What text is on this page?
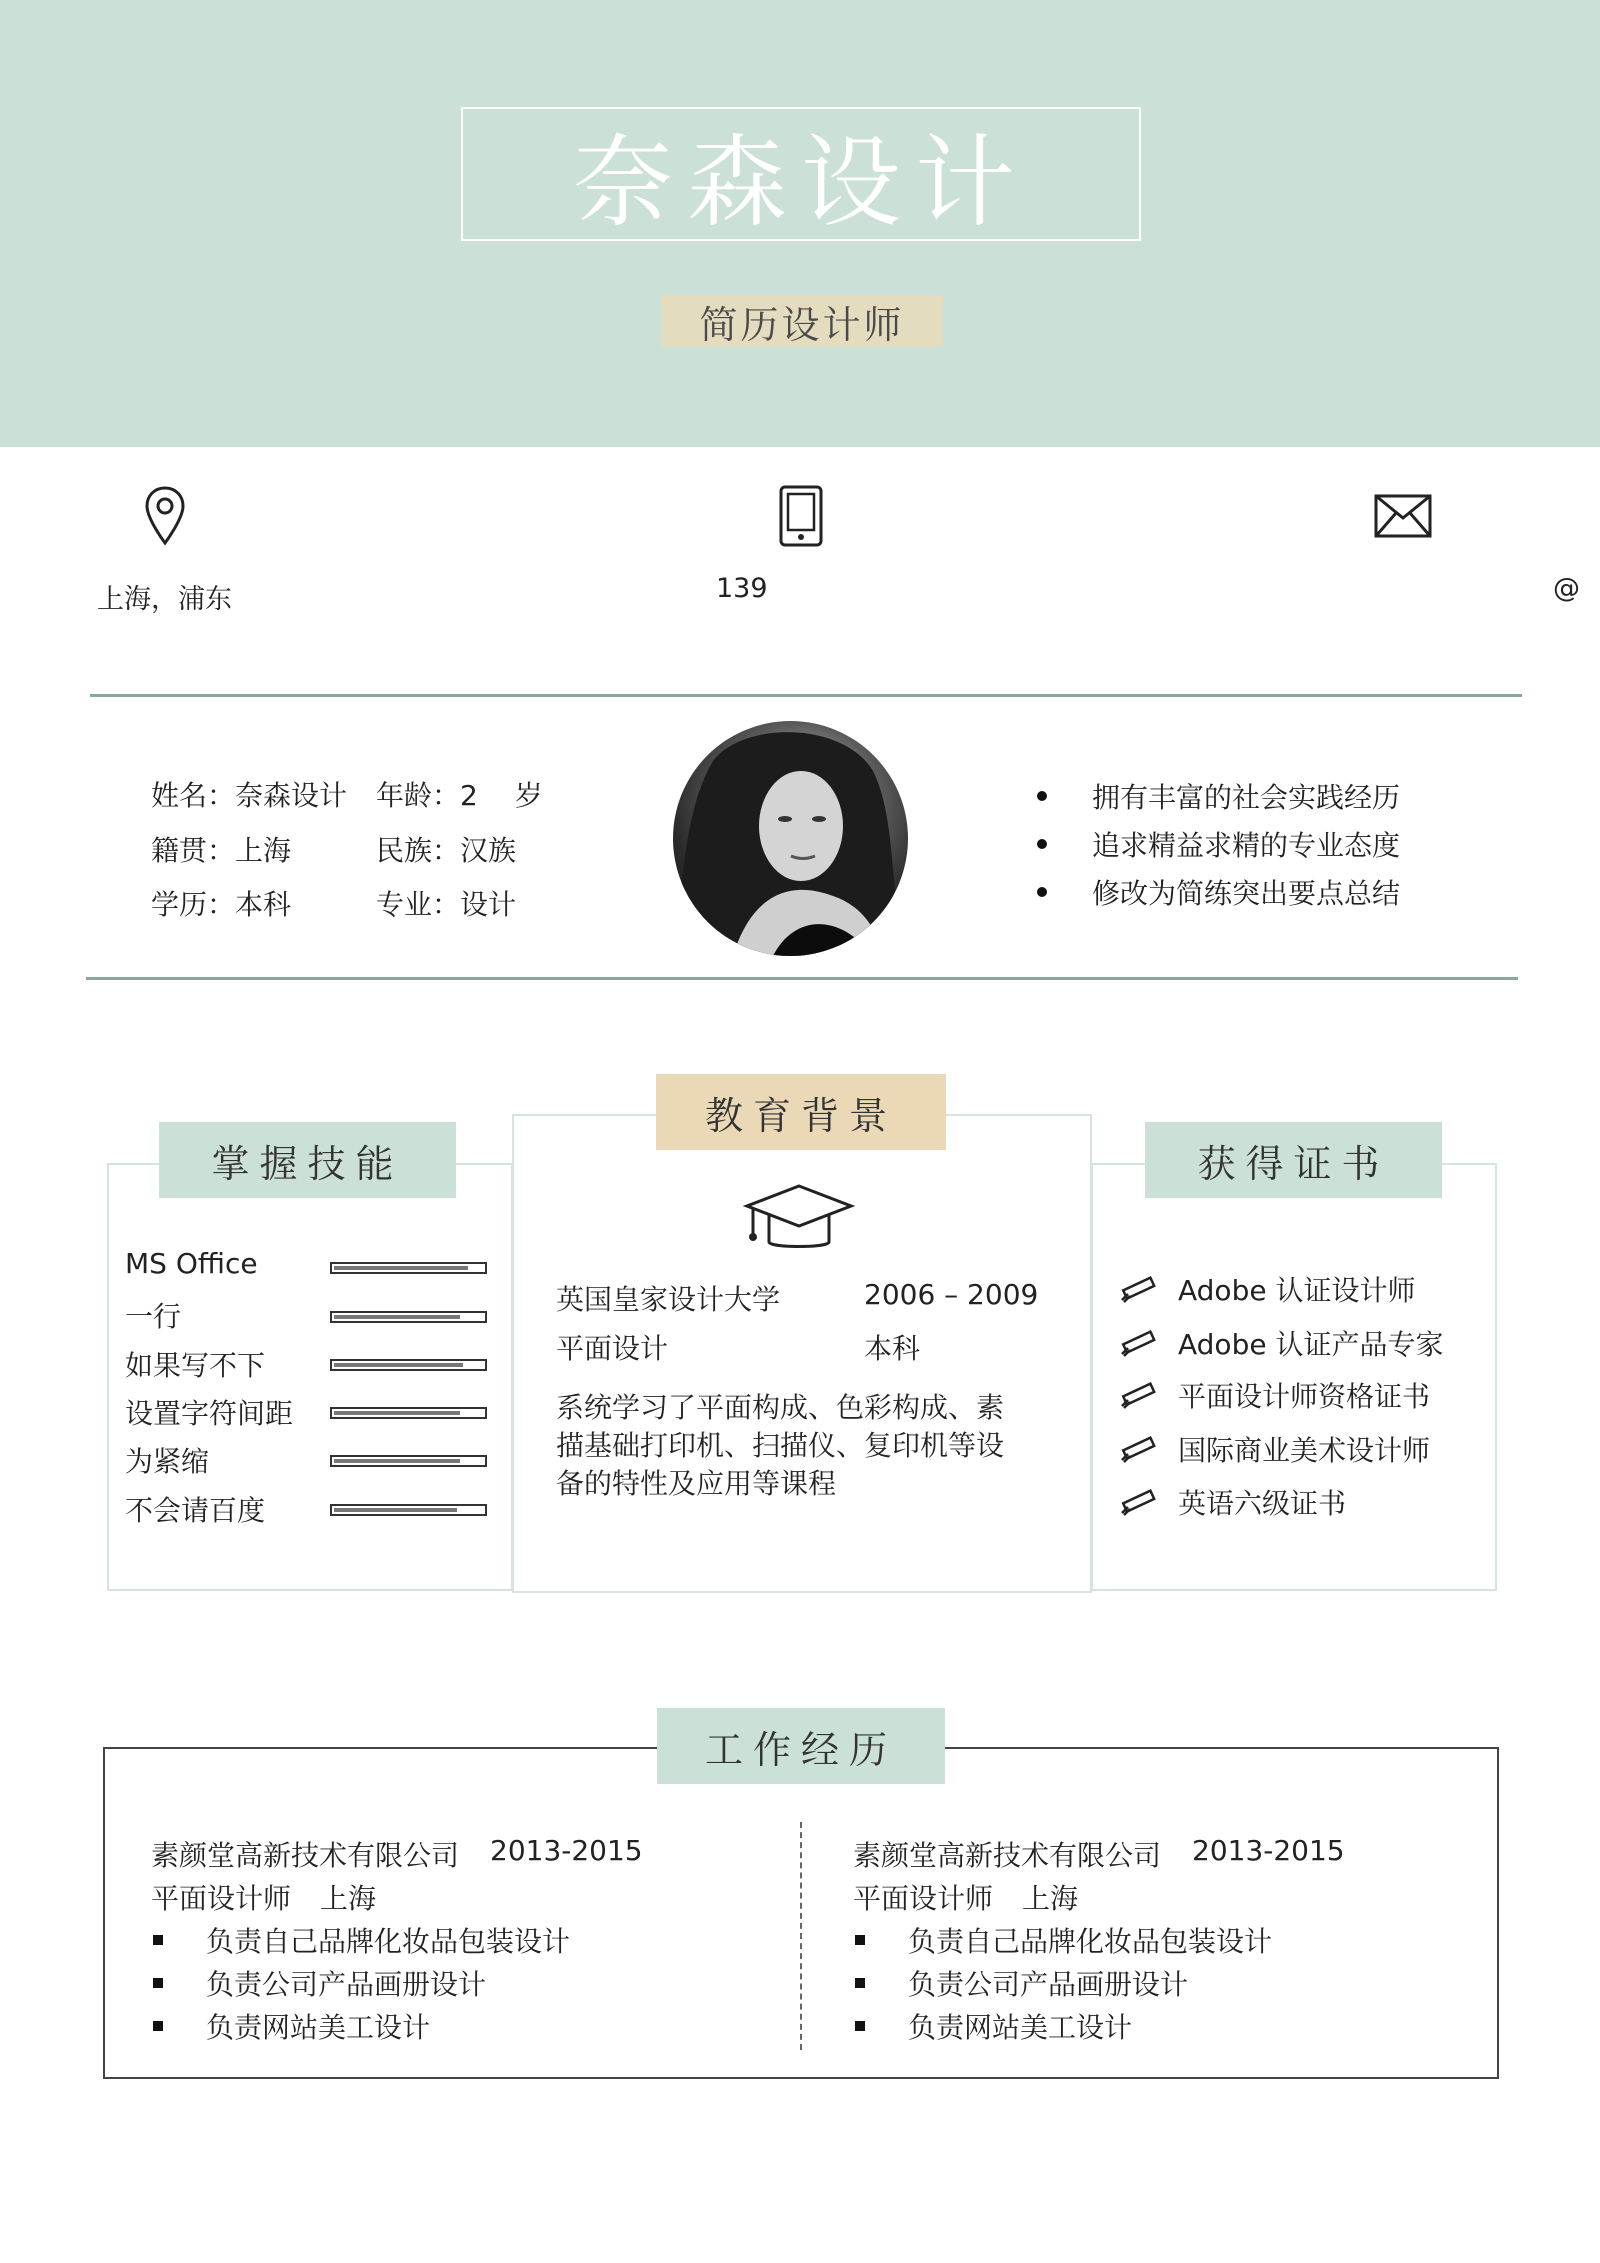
奈森设计
简历设计师
上海，浦东	139	@
姓名：奈森设计 年龄：2　 岁
籍贯：上海	民族：汉族
学历：本科	专业：设计
拥有丰富的社会实践经历
追求精益求精的专业态度
修改为简练突出要点总结
掌握技能
MS Office
一行
如果写不下
设置字符间距
为紧缩
不会请百度
教育背景
英国皇家设计大学	2006 – 2009
平面设计	本科
系统学习了平面构成、色彩构成、素
描基础打印机、扫描仪、复印机等设
备的特性及应用等课程
获得证书
Adobe 认证设计师
Adobe 认证产品专家
平面设计师资格证书
国际商业美术设计师
英语六级证书
工作经历
素颜堂高新技术有限公司 2013-2015
平面设计师 上海
负责自己品牌化妆品包装设计
负责公司产品画册设计
负责网站美工设计
素颜堂高新技术有限公司 2013-2015
平面设计师 上海
负责自己品牌化妆品包装设计
负责公司产品画册设计
负责网站美工设计
